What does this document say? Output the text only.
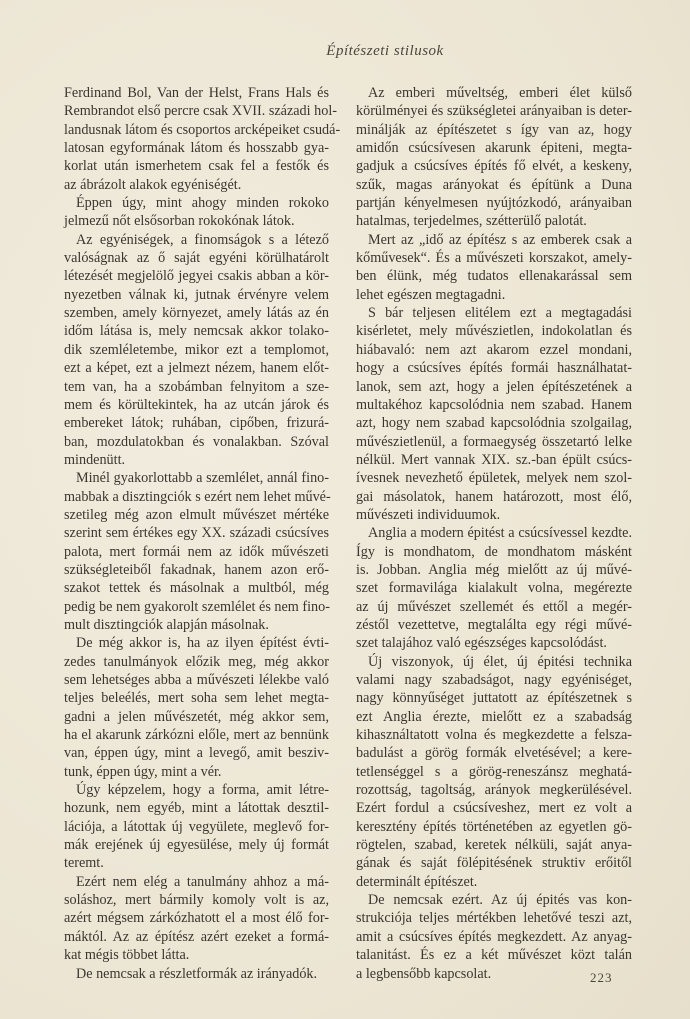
Építészeti stilusok
Ferdinand Bol, Van der Helst, Frans Hals és
Rembrandot első percre csak XVII. századi hol-
landusnak látom és csoportos arcképeiket csudá-
latosan egyformának látom és hosszabb gya-
korlat után ismerhetem csak fel a festők és
az ábrázolt alakok egyéniségét.
Éppen úgy, mint ahogy minden rokoko
jelmezű nőt elsősorban rokokónak látok.
Az egyéniségek, a finomságok s a létező
valóságnak az ő saját egyéni körülhatárolt
létezését megjelölő jegyei csakis abban a kör-
nyezetben válnak ki, jutnak érvényre velem
szemben, amely környezet, amely látás az én
időm látása is, mely nemcsak akkor tolako-
dik szemléletembe, mikor ezt a templomot,
ezt a képet, ezt a jelmezt nézem, hanem előt-
tem van, ha a szobámban felnyitom a sze-
mem és körültekintek, ha az utcán járok és
embereket látok; ruhában, cipőben, frizurá-
ban, mozdulatokban és vonalakban. Szóval
mindenütt.
Minél gyakorlottabb a szemlélet, annál fino-
mabbak a disztingciók s ezért nem lehet művé-
szetileg még azon elmult művészet mértéke
szerint sem értékes egy XX. századi csúcsíves
palota, mert formái nem az idők művészeti
szükségleteiből fakadnak, hanem azon erő-
szakot tettek és másolnak a multból, még
pedig be nem gyakorolt szemlélet és nem fino-
mult disztingciók alapján másolnak.
De még akkor is, ha az ilyen építést évti-
zedes tanulmányok előzik meg, még akkor
sem lehetséges abba a művészeti lélekbe való
teljes beleélés, mert soha sem lehet megta-
gadni a jelen művészetét, még akkor sem,
ha el akarunk zárkózni előle, mert az bennünk
van, éppen úgy, mint a levegő, amit besziv-
tunk, éppen úgy, mint a vér.
Úgy képzelem, hogy a forma, amit létre-
hozunk, nem egyéb, mint a látottak desztil-
lációja, a látottak új vegyülete, meglevő for-
mák erejének új egyesülése, mely új formát
teremt.
Ezért nem elég a tanulmány ahhoz a má-
soláshoz, mert bármily komoly volt is az,
azért mégsem zárkózhatott el a most élő for-
máktól. Az az építész azért ezeket a formá-
kat mégis többet látta.
De nemcsak a részletformák az irányadók.
Az emberi műveltség, emberi élet külső
körülményei és szükségletei arányaiban is deter-
minálják az építészetet s így van az, hogy
amidőn csúcsívesen akarunk épiteni, megta-
gadjuk a csúcsíves építés fő elvét, a keskeny,
szűk, magas arányokat és építünk a Duna
partján kényelmesen nyújtózkodó, arányaiban
hatalmas, terjedelmes, szétterülő palotát.
Mert az „idő az építész s az emberek csak a
kőművesek“. És a művészeti korszakot, amely-
ben élünk, még tudatos ellenakarással sem
lehet egészen megtagadni.
S bár teljesen elitélem ezt a megtagadási
kisérletet, mely művészietlen, indokolatlan és
hiábavaló: nem azt akarom ezzel mondani,
hogy a csúcsíves építés formái használhatat-
lanok, sem azt, hogy a jelen építészetének a
multakéhoz kapcsolódnia nem szabad. Hanem
azt, hogy nem szabad kapcsolódnia szolgailag,
művészietlenül, a formaegység összetartó lelke
nélkül. Mert vannak XIX. sz.-ban épült csúcs-
ívesnek nevezhető épületek, melyek nem szol-
gai másolatok, hanem határozott, most élő,
művészeti individuumok.
Anglia a modern épitést a csúcsívessel kezdte.
Így is mondhatom, de mondhatom másként
is. Jobban. Anglia még mielőtt az új művé-
szet formavilága kialakult volna, megérezte
az új művészet szellemét és ettől a megér-
zéstől vezettetve, megtalálta egy régi művé-
szet talajához való egészséges kapcsolódást.
Új viszonyok, új élet, új épitési technika
valami nagy szabadságot, nagy egyéniséget,
nagy könnyűséget juttatott az építészetnek s
ezt Anglia érezte, mielőtt ez a szabadság
kihasználtatott volna és megkezdette a felsza-
badulást a görög formák elvetésével; a kere-
tetlenséggel s a görög-reneszánsz meghatá-
rozottság, tagoltság, arányok megkerülésével.
Ezért fordul a csúcsíveshez, mert ez volt a
keresztény építés történetében az egyetlen gö-
rögtelen, szabad, keretek nélküli, saját anya-
gának és saját fölépitésének struktiv erőitől
determinált építészet.
De nemcsak ezért. Az új épités vas kon-
strukciója teljes mértékben lehetővé teszi azt,
amit a csúcsíves építés megkezdett. Az anyag-
talanitást. És ez a két művészet közt talán
a legbensőbb kapcsolat.	223
